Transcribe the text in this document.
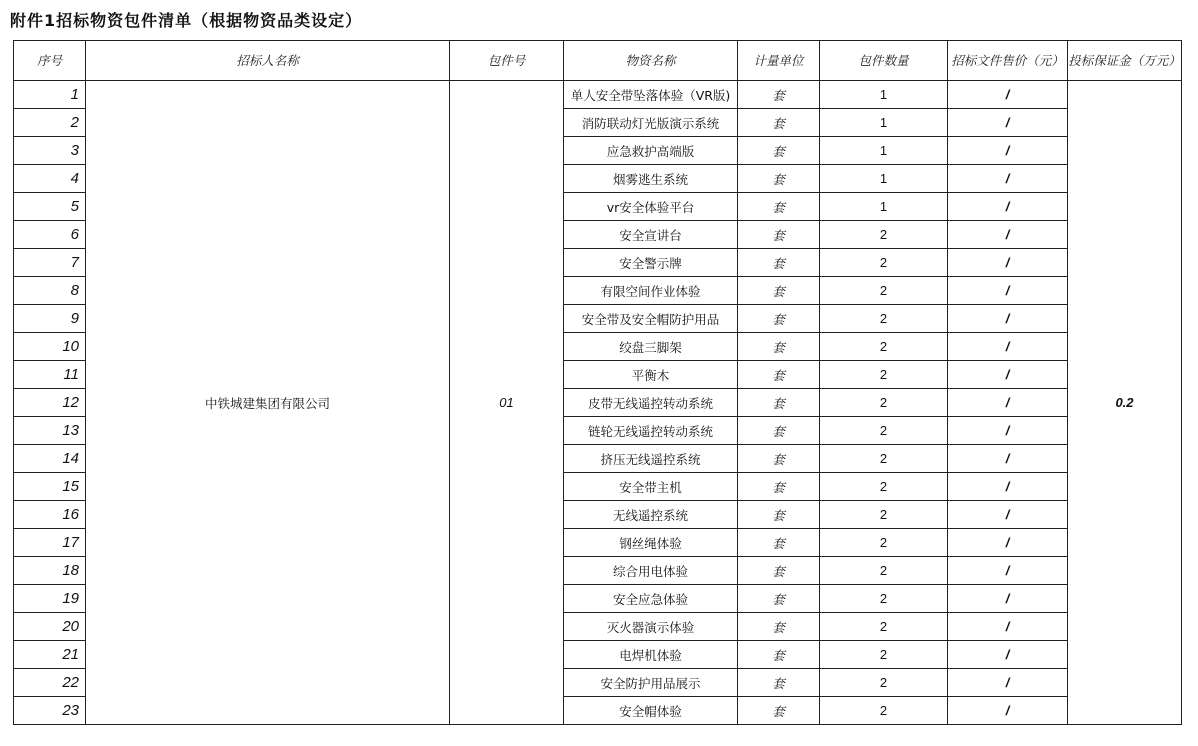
附件1招标物资包件清单（根据物资品类设定）
序号	招标人名称	包件号	物资名称	计量单位	包件数量	招标文件售价（元）	投标保证金（万元）
1	中铁城建集团有限公司	01	单人安全带坠落体验（VR版)	套	1	/	0.2
2			消防联动灯光版演示系统	套	1	/	
3			应急救护高端版	套	1	/	
4			烟雾逃生系统	套	1	/	
5			vr安全体验平台	套	1	/	
6			安全宣讲台	套	2	/	
7			安全警示牌	套	2	/	
8			有限空间作业体验	套	2	/	
9			安全带及安全帽防护用品	套	2	/	
10			绞盘三脚架	套	2	/	
11			平衡木	套	2	/	
12			皮带无线遥控转动系统	套	2	/	
13			链轮无线遥控转动系统	套	2	/	
14			挤压无线遥控系统	套	2	/	
15			安全带主机	套	2	/	
16			无线遥控系统	套	2	/	
17			钢丝绳体验	套	2	/	
18			综合用电体验	套	2	/	
19			安全应急体验	套	2	/	
20			灭火器演示体验	套	2	/	
21			电焊机体验	套	2	/	
22			安全防护用品展示	套	2	/	
23			安全帽体验	套	2	/	
